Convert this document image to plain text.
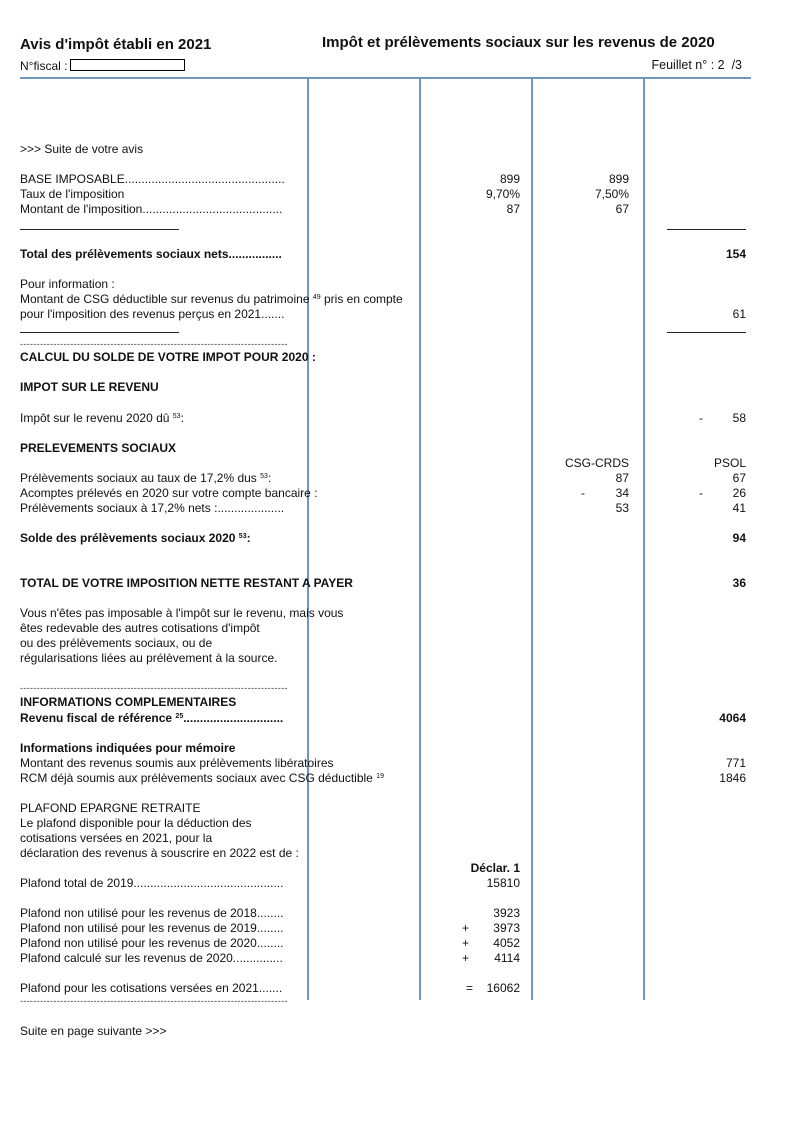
Avis d'impôt établi en 2021	Impôt et prélèvements sociaux sur les revenus de 2020
N°fiscal :	Feuillet n° : 2 /3
>>> Suite de votre avis
BASE IMPOSABLE................................................	899	899
Taux de l'imposition	9,70%	7,50%
Montant de l'imposition..........................................	87	67
Total des prélèvements sociaux nets................	154
Pour information :
Montant de CSG déductible sur revenus du patrimoine $^{49}$ pris en compte
pour l'imposition des revenus perçus en 2021.......	61
--------------------------------------------------------------------------------
CALCUL DU SOLDE DE VOTRE IMPOT POUR 2020 :
IMPOT SUR LE REVENU
Impôt sur le revenu 2020 dû $^{53}$:	- 58
PRELEVEMENTS SOCIAUX
CSG-CRDS	PSOL
Prélèvements sociaux au taux de 17,2% dus $^{53}$:	87	67
Acomptes prélevés en 2020 sur votre compte bancaire :	-	34	- 26
Prélèvements sociaux à 17,2% nets :....................	53	41
Solde des prélèvements sociaux 2020 $^{53}$:	94
TOTAL DE VOTRE IMPOSITION NETTE RESTANT A PAYER	36
Vous n'êtes pas imposable à l'impôt sur le revenu, mais vous
êtes redevable des autres cotisations d'impôt
ou des prélèvements sociaux, ou de
régularisations liées au prélèvement à la source.
--------------------------------------------------------------------------------
INFORMATIONS COMPLEMENTAIRES
Revenu fiscal de référence $^{25}$..............................	4064
Informations indiquées pour mémoire
Montant des revenus soumis aux prélèvements libératoires	771
RCM déjà soumis aux prélèvements sociaux avec CSG déductible $^{19}$	1846
PLAFOND EPARGNE RETRAITE
Le plafond disponible pour la déduction des
cotisations versées en 2021, pour la
déclaration des revenus à souscrire en 2022 est de :
Déclar. 1
Plafond total de 2019.............................................	15810
Plafond non utilisé pour les revenus de 2018........	3923
Plafond non utilisé pour les revenus de 2019........	+ 3973
Plafond non utilisé pour les revenus de 2020........	+ 4052
Plafond calculé sur les revenus de 2020...............	+ 4114
Plafond pour les cotisations versées en 2021.......	= 16062
--------------------------------------------------------------------------------
Suite en page suivante >>>
